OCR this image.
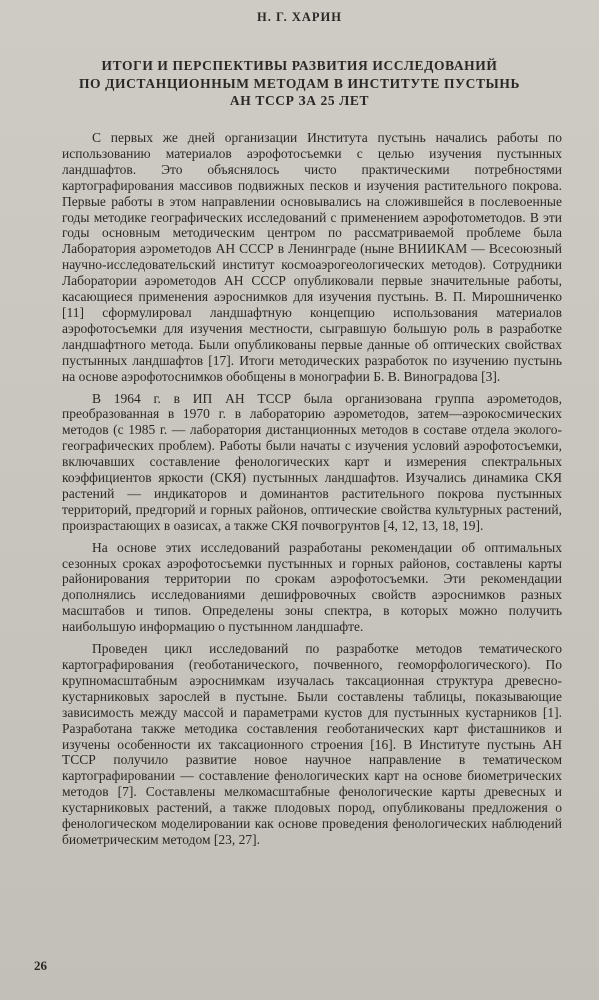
Н. Г. ХАРИН
ИТОГИ И ПЕРСПЕКТИВЫ РАЗВИТИЯ ИССЛЕДОВАНИЙ
ПО ДИСТАНЦИОННЫМ МЕТОДАМ В ИНСТИТУТЕ ПУСТЫНЬ
АН ТССР ЗА 25 ЛЕТ

С первых же дней организации Института пустынь начались работы по использованию материалов аэрофотосъемки с целью изучения пустынных ландшафтов. Это объяснялось чисто практическими потребностями картографирования массивов подвижных песков и изучения растительного покрова. Первые работы в этом направлении основывались на сложившейся в послевоенные годы методике географических исследований с применением аэрофотометодов. В эти годы основным методическим центром по рассматриваемой проблеме была Лаборатория аэрометодов АН СССР в Ленинграде (ныне ВНИИКАМ — Всесоюзный научно-исследовательский институт космоаэрогеологических методов). Сотрудники Лаборатории аэрометодов АН СССР опубликовали первые значительные работы, касающиеся применения аэроснимков для изучения пустынь. В. П. Мирошниченко [11] сформулировал ландшафтную концепцию использования материалов аэрофотосъемки для изучения местности, сыгравшую большую роль в разработке ландшафтного метода. Были опубликованы первые данные об оптических свойствах пустынных ландшафтов [17]. Итоги методических разработок по изучению пустынь на основе аэрофотоснимков обобщены в монографии Б. В. Виноградова [3].

В 1964 г. в ИП АН ТССР была организована группа аэрометодов, преобразованная в 1970 г. в лабораторию аэрометодов, затем—аэрокосмических методов (с 1985 г. — лаборатория дистанционных методов в составе отдела эколого-географических проблем). Работы были начаты с изучения условий аэрофотосъемки, включавших составление фенологических карт и измерения спектральных коэффициентов яркости (СКЯ) пустынных ландшафтов. Изучались динамика СКЯ растений — индикаторов и доминантов растительного покрова пустынных территорий, предгорий и горных районов, оптические свойства культурных растений, произрастающих в оазисах, а также СКЯ почвогрунтов [4, 12, 13, 18, 19].

На основе этих исследований разработаны рекомендации об оптимальных сезонных сроках аэрофотосъемки пустынных и горных районов, составлены карты районирования территории по срокам аэрофотосъемки. Эти рекомендации дополнялись исследованиями дешифровочных свойств аэроснимков разных масштабов и типов. Определены зоны спектра, в которых можно получить наибольшую информацию о пустынном ландшафте.

Проведен цикл исследований по разработке методов тематического картографирования (геоботанического, почвенного, геоморфологического). По крупномасштабным аэроснимкам изучалась таксационная структура древесно-кустарниковых зарослей в пустыне. Были составлены таблицы, показывающие зависимость между массой и параметрами кустов для пустынных кустарников [1]. Разработана также методика составления геоботанических карт фисташников и изучены особенности их таксационного строения [16]. В Институте пустынь АН ТССР получило развитие новое научное направление в тематическом картографировании — составление фенологических карт на основе биометрических методов [7]. Составлены мелкомасштабные фенологические карты древесных и кустарниковых растений, а также плодовых пород, опубликованы предложения о фенологическом моделировании как основе проведения фенологических наблюдений биометрическим методом [23, 27].

26
